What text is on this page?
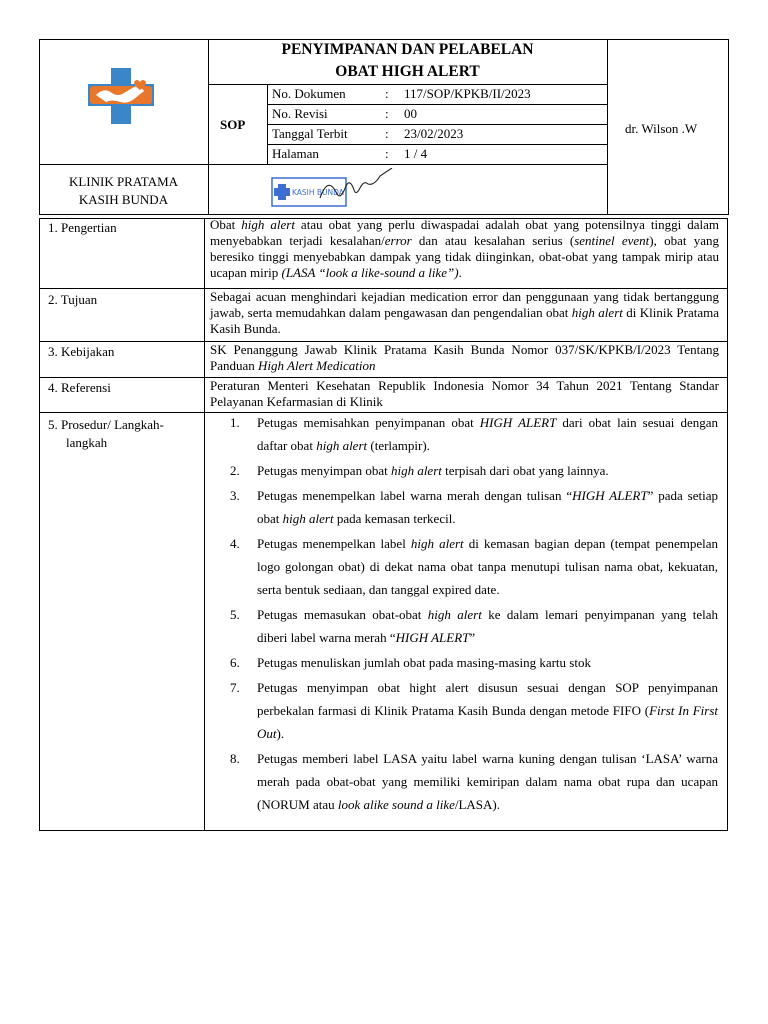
PENYIMPANAN DAN PELABELAN
OBAT HIGH ALERT
SOP
No. Dokumen	: 117/SOP/KPKB/II/2023
No. Revisi	: 00
Tanggal Terbit	: 23/02/2023
Halaman	: 1 / 4
dr. Wilson .W
KLINIK PRATAMA
KASIH BUNDA	KASIH BUNDA
1. Pengertian	Obat high alert atau obat yang perlu diwaspadai adalah obat yang potensilnya tinggi dalam menyebabkan terjadi kesalahan/error dan atau kesalahan serius (sentinel event), obat yang beresiko tinggi menyebabkan dampak yang tidak diinginkan, obat-obat yang tampak mirip atau ucapan mirip (LASA “look a like-sound a like”).
2. Tujuan	Sebagai acuan menghindari kejadian medication error dan penggunaan yang tidak bertanggung jawab, serta memudahkan dalam pengawasan dan pengendalian obat high alert di Klinik Pratama Kasih Bunda.
3. Kebijakan	SK Penanggung Jawab Klinik Pratama Kasih Bunda Nomor 037/SK/KPKB/I/2023 Tentang Panduan High Alert Medication
4. Referensi	Peraturan Menteri Kesehatan Republik Indonesia Nomor 34 Tahun 2021 Tentang Standar Pelayanan Kefarmasian di Klinik
5. Prosedur/ Langkah-
langkah
1. Petugas memisahkan penyimpanan obat HIGH ALERT dari obat lain sesuai dengan daftar obat high alert (terlampir).
2. Petugas menyimpan obat high alert terpisah dari obat yang lainnya.
3. Petugas menempelkan label warna merah dengan tulisan “HIGH ALERT” pada setiap obat high alert pada kemasan terkecil.
4. Petugas menempelkan label high alert di kemasan bagian depan (tempat penempelan logo golongan obat) di dekat nama obat tanpa menutupi tulisan nama obat, kekuatan, serta bentuk sediaan, dan tanggal expired date.
5. Petugas memasukan obat-obat high alert ke dalam lemari penyimpanan yang telah diberi label warna merah “HIGH ALERT”
6. Petugas menuliskan jumlah obat pada masing-masing kartu stok
7. Petugas menyimpan obat hight alert disusun sesuai dengan SOP penyimpanan perbekalan farmasi di Klinik Pratama Kasih Bunda dengan metode FIFO (First In First Out).
8. Petugas memberi label LASA yaitu label warna kuning dengan tulisan ‘LASA’ warna merah pada obat-obat yang memiliki kemiripan dalam nama obat rupa dan ucapan (NORUM atau look alike sound a like/LASA).
